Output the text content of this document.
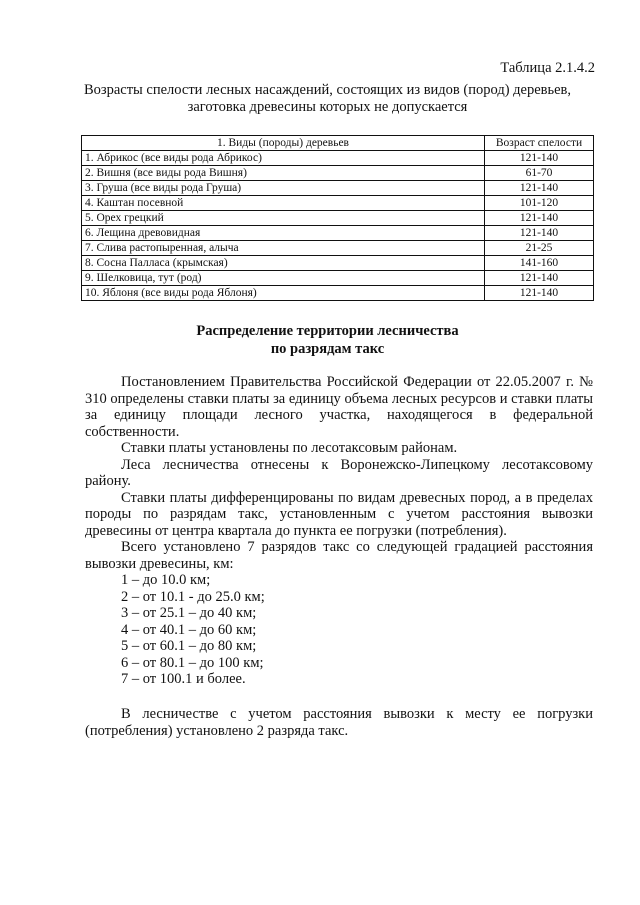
Таблица 2.1.4.2
Возрасты спелости лесных насаждений, состоящих из видов (пород) деревьев, заготовка древесины которых не допускается
1. Виды (породы) деревьев	Возраст спелости
1. Абрикос (все виды рода Абрикос)	121-140
2. Вишня (все виды рода Вишня)	61-70
3. Груша (все виды рода Груша)	121-140
4. Каштан посевной	101-120
5. Орех грецкий	121-140
6. Лещина древовидная	121-140
7. Слива растопыренная, алыча	21-25
8. Сосна Палласа (крымская)	141-160
9. Шелковица, тут (род)	121-140
10. Яблоня (все виды рода Яблоня)	121-140
Распределение территории лесничества
по разрядам такс

Постановлением Правительства Российской Федерации от 22.05.2007 г. № 310 определены ставки платы за единицу объема лесных ресурсов и ставки платы за единицу площади лесного участка, находящегося в федеральной собственности.

Ставки платы установлены по лесотаксовым районам.

Леса лесничества отнесены к Воронежско-Липецкому лесотаксовому району.

Ставки платы дифференцированы по видам древесных пород, а в пределах породы по разрядам такс, установленным с учетом расстояния вывозки древесины от центра квартала до пункта ее погрузки (потребления).

Всего установлено 7 разрядов такс со следующей градацией расстояния вывозки древесины, км:

1 – до 10.0 км;
2 – от 10.1 - до 25.0 км;
3 – от 25.1 – до 40 км;
4 – от 40.1 – до 60 км;
5 – от 60.1 – до 80 км;
6 – от 80.1 – до 100 км;
7 – от 100.1 и более.

В лесничестве с учетом расстояния вывозки к месту ее погрузки (потребления) установлено 2 разряда такс.
